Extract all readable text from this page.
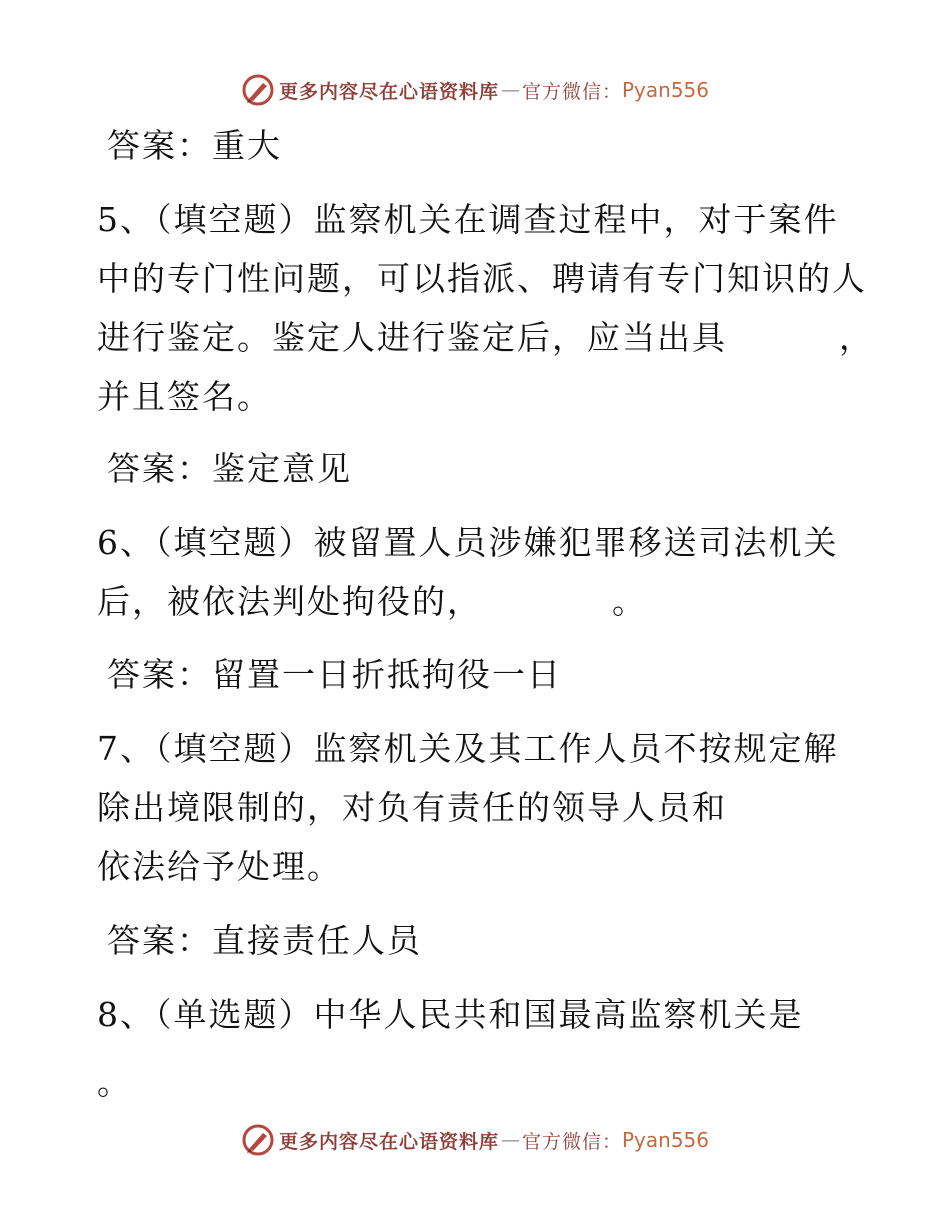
更多内容尽在心语资料库 — 官方微信： Pyan556
答案：重大
5、（填空题）监察机关在调查过程中，对于案件
中的专门性问题，可以指派、聘请有专门知识的人
进行鉴定。鉴定人进行鉴定后，应当出具	，
并且签名。
答案：鉴定意见
6、（填空题）被留置人员涉嫌犯罪移送司法机关
后，被依法判处拘役的，	。
答案：留置一日折抵拘役一日
7、（填空题）监察机关及其工作人员不按规定解
除出境限制的，对负有责任的领导人员和
依法给予处理。
答案：直接责任人员
8、（单选题）中华人民共和国最高监察机关是
。
更多内容尽在心语资料库 — 官方微信： Pyan556
